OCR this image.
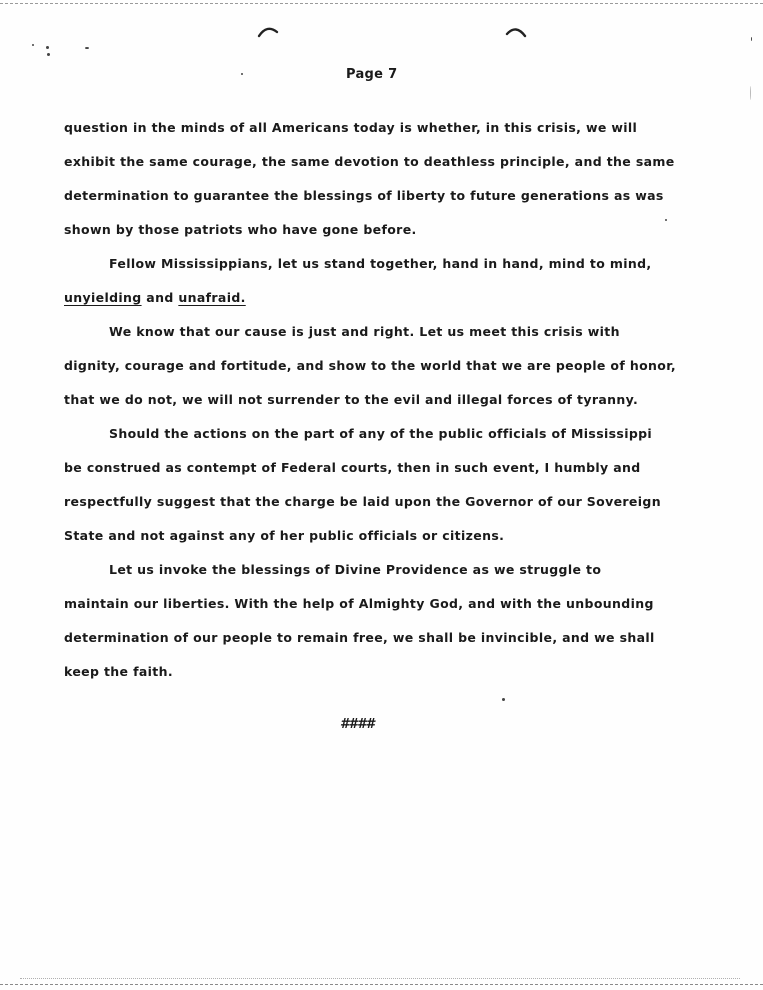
Page 7
question in the minds of all Americans today is whether, in this crisis, we will
exhibit the same courage, the same devotion to deathless principle, and the same
determination to guarantee the blessings of liberty to future generations as was
shown by those patriots who have gone before.
Fellow Mississippians, let us stand together, hand in hand, mind to mind,
unyielding and unafraid.
We know that our cause is just and right. Let us meet this crisis with
dignity, courage and fortitude, and show to the world that we are people of honor,
that we do not, we will not surrender to the evil and illegal forces of tyranny.
Should the actions on the part of any of the public officials of Mississippi
be construed as contempt of Federal courts, then in such event, I humbly and
respectfully suggest that the charge be laid upon the Governor of our Sovereign
State and not against any of her public officials or citizens.
Let us invoke the blessings of Divine Providence as we struggle to
maintain our liberties. With the help of Almighty God, and with the unbounding
determination of our people to remain free, we shall be invincible, and we shall
keep the faith.
####
